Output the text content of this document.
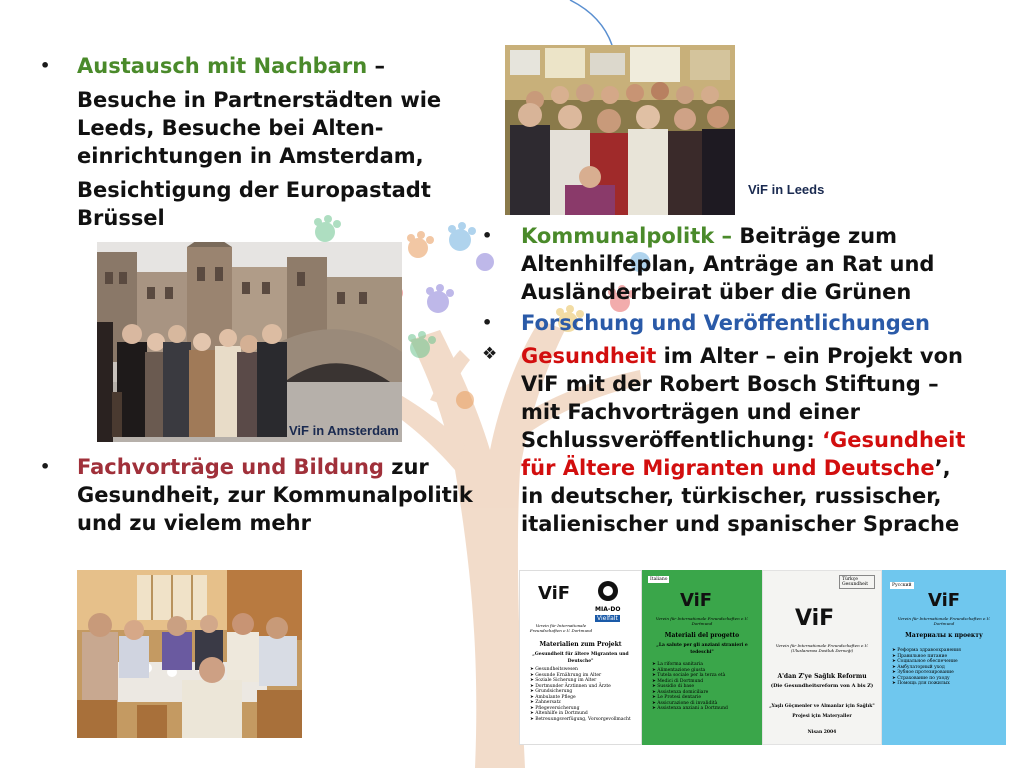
• Austausch mit Nachbarn –
Besuche in Partnerstädten wie Leeds, Besuche bei Alten-einrichtungen in Amsterdam,
Besichtigung der Europastadt Brüssel
ViF in Amsterdam
• Fachvorträge und Bildung zur Gesundheit, zur Kommunalpolitik und zu vielem mehr
ViF in Leeds
• Kommunalpolitk – Beiträge zum Altenhilfeplan, Anträge an Rat und Ausländerbeirat über die Grünen
• Forschung und Veröffentlichungen
❖ Gesundheit im Alter – ein Projekt von ViF mit der Robert Bosch Stiftung – mit Fachvorträgen und einer Schlussveröffentlichung: ‘Gesundheit für Ältere Migranten und Deutsche’, in deutscher, türkischer, russischer, italienischer und spanischer Sprache
ViF
MIA-DO
Vielfalt
Verein für Internationale Freundschaften e.V. Dortmund
Materialien zum Projekt
„Gesundheit für ältere Migranten und Deutsche"
➤ Gesundheitswesen
➤ Gesunde Ernährung im Alter
➤ Soziale Sicherung im Alter
➤ Dortmunder Ärztinnen und Ärzte
➤ Grundsicherung
➤ Ambulante Pflege
➤ Zahnersatz
➤ Pflegeversicherung
➤ Altenhilfe in Dortmund
➤ Betreuungsverfügung, Vorsorgevollmacht
Italiano
ViF
Verein für Internationale Freundschaften e.V. Dortmund
Materiali del progetto
„La salute per gli anziani stranieri e tedeschi"
➤ La riforma sanitaria
➤ Alimentazione giusta
➤ Tutela sociale per la terza età
➤ Medici di Dortmund
➤ Sussidio di base
➤ Assistenza domiciliare
➤ Le Protesi dentarie
➤ Assicurazione di invalidità
➤ Assistenza anziani a Dortmund
Türkçe Gesundheit
ViF
Verein für Internationale Freundschaften e.V. (Uluslararası Dostluk Derneği)
A'dan Z'ye Sağlık Reformu
(Die Gesundheitsreform von A bis Z)
„Yaşlı Göçmenler ve Almanlar için Sağlık"
Projesi için Materyaller
Nisan 2004
Русский
ViF
Verein für Internationale Freundschaften e.V. Dortmund
Материалы к проекту
➤ Реформа здравоохранения
➤ Правильное питание
➤ Социальное обеспечение
➤ Амбулаторный уход
➤ Зубное протезирование
➤ Страхование по уходу
➤ Помощь для пожилых
